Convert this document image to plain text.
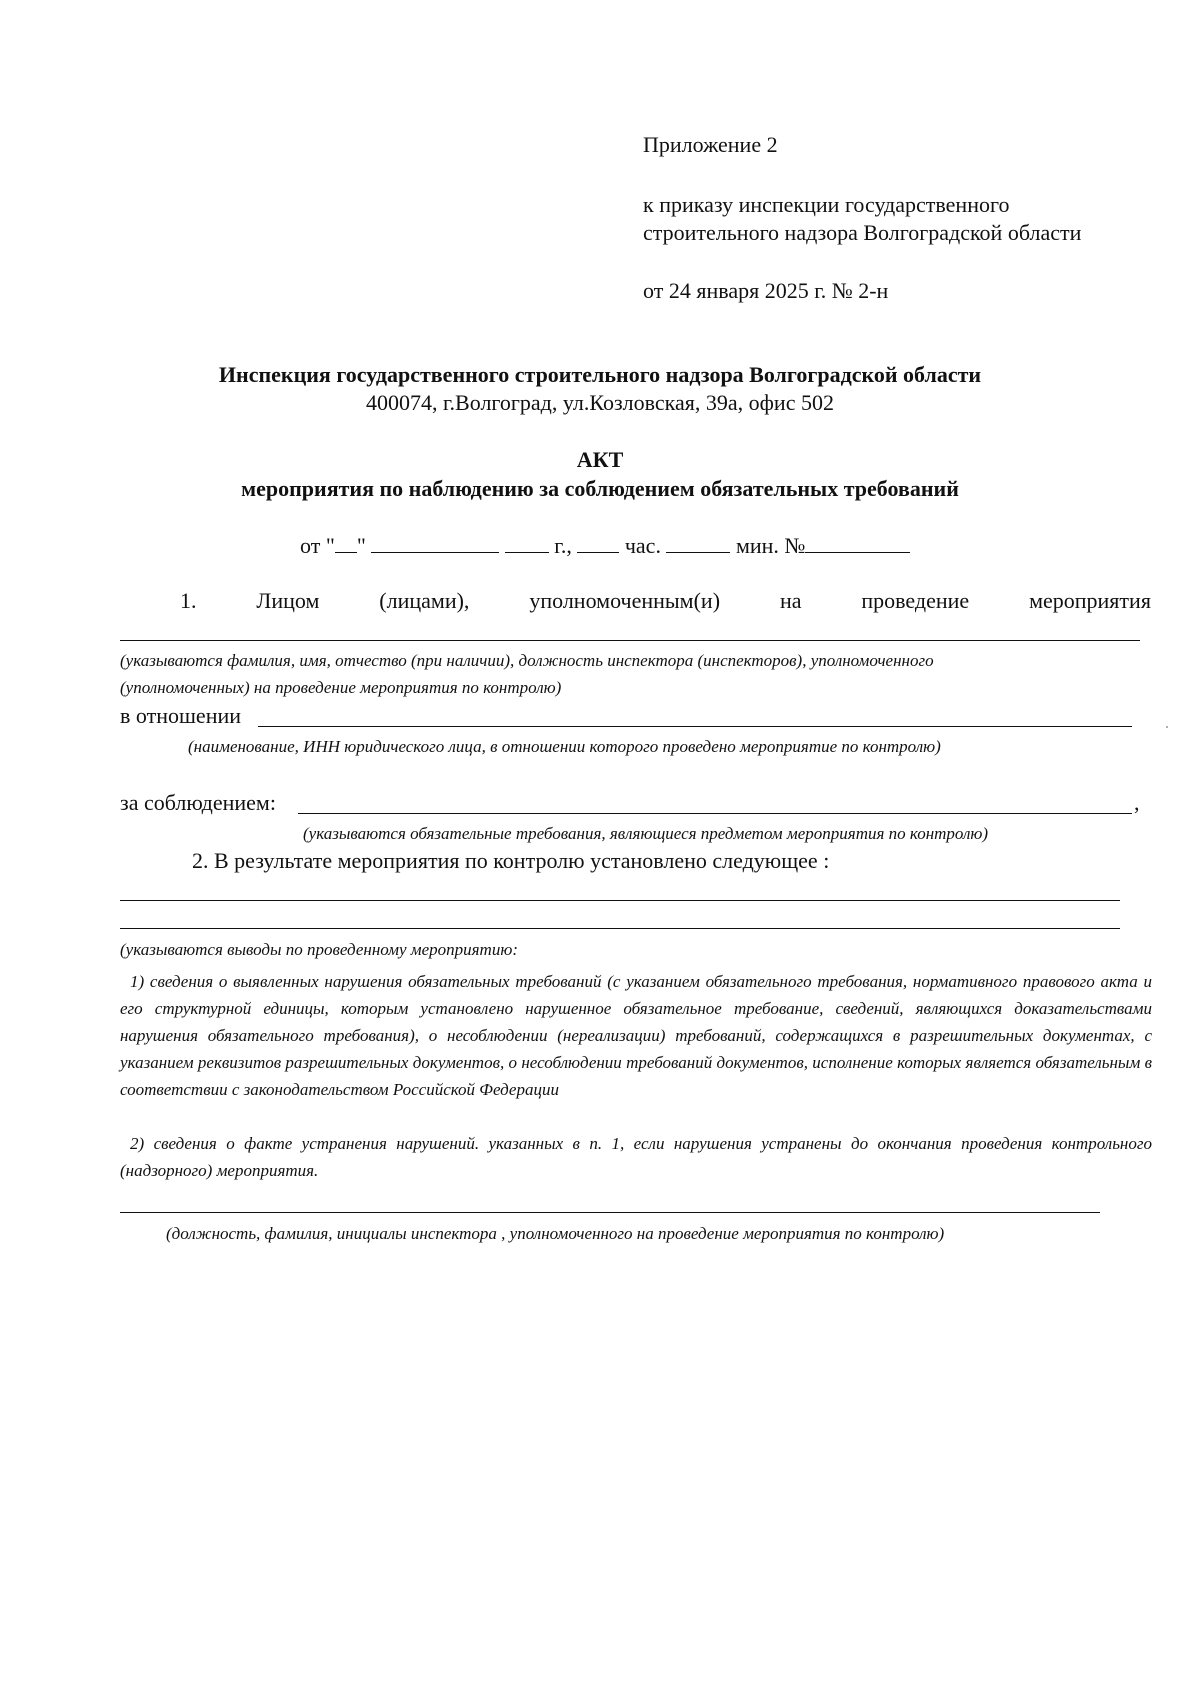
Приложение 2
к приказу инспекции государственного
строительного надзора Волгоградской области
от 24 января 2025 г. № 2-н
Инспекция государственного строительного надзора Волгоградской области
400074, г.Волгоград, ул.Козловская, 39а, офис 502
АКТ
мероприятия по наблюдению за соблюдением обязательных требований
от " "	г., час.	мин. №
1.	Лицом	(лицами),	уполномоченным(и)	на	проведение	мероприятия
(указываются фамилия, имя, отчество (при наличии), должность инспектора (инспекторов), уполномоченного
(уполномоченных) на проведение мероприятия по контролю)
в отношении
(наименование, ИНН юридического лица, в отношении которого проведено мероприятие по контролю)
за соблюдением:	,
(указываются обязательные требования, являющиеся предметом мероприятия по контролю)
2. В результате мероприятия по контролю установлено следующее :
(указываются выводы по проведенному мероприятию:
1) сведения о выявленных нарушения обязательных требований (с указанием обязательного требования, нормативного правового акта и его структурной единицы, которым установлено нарушенное обязательное требование, сведений, являющихся доказательствами нарушения обязательного требования), о несоблюдении (нереализации) требований, содержащихся в разрешительных документах, с указанием реквизитов разрешительных документов, о несоблюдении требований документов, исполнение которых является обязательным в соответствии с законодательством Российской Федерации
2) сведения о факте устранения нарушений. указанных в п. 1, если нарушения устранены до окончания проведения контрольного (надзорного) мероприятия.
(должность, фамилия, инициалы инспектора , уполномоченного на проведение мероприятия по контролю)
